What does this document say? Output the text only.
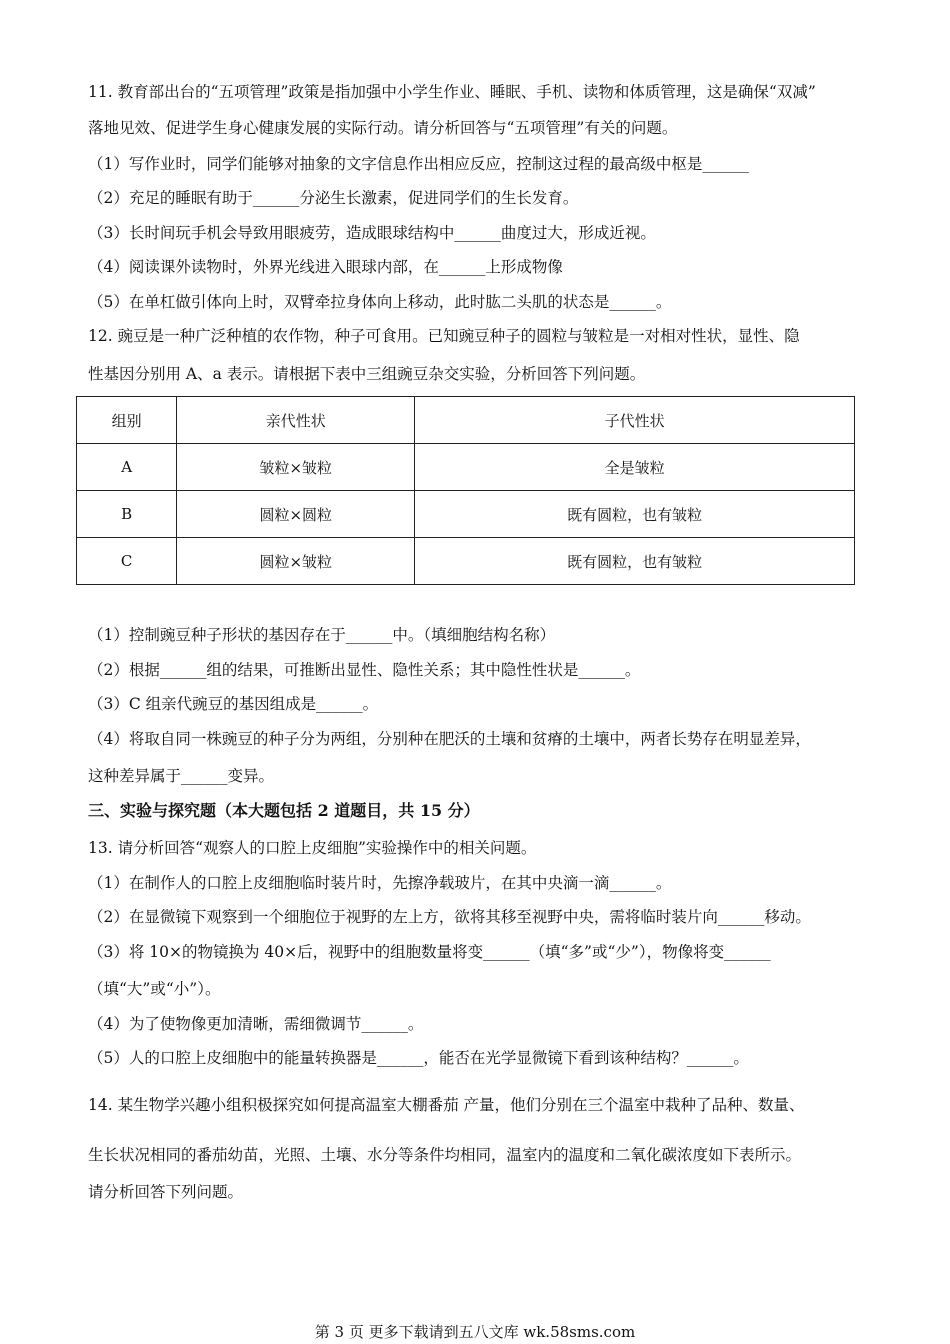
11. 教育部出台的“五项管理”政策是指加强中小学生作业、睡眠、手机、读物和体质管理，这是确保“双减”
落地见效、促进学生身心健康发展的实际行动。请分析回答与“五项管理”有关的问题。
（1）写作业时，同学们能够对抽象的文字信息作出相应反应，控制这过程的最高级中枢是______
（2）充足的睡眠有助于______分泌生长激素，促进同学们的生长发育。
（3）长时间玩手机会导致用眼疲劳，造成眼球结构中______曲度过大，形成近视。
（4）阅读课外读物时，外界光线进入眼球内部，在______上形成物像
（5）在单杠做引体向上时，双臂牵拉身体向上移动，此时肱二头肌的状态是______。
12. 豌豆是一种广泛种植的农作物，种子可食用。已知豌豆种子的圆粒与皱粒是一对相对性状，显性、隐
性基因分别用 A、a 表示。请根据下表中三组豌豆杂交实验，分析回答下列问题。
组别	亲代性状	子代性状
A	皱粒×皱粒	全是皱粒
B	圆粒×圆粒	既有圆粒，也有皱粒
C	圆粒×皱粒	既有圆粒，也有皱粒
（1）控制豌豆种子形状的基因存在于______中。（填细胞结构名称）
（2）根据______组的结果，可推断出显性、隐性关系；其中隐性性状是______。
（3）C 组亲代豌豆的基因组成是______。
（4）将取自同一株豌豆的种子分为两组，分别种在肥沃的土壤和贫瘠的土壤中，两者长势存在明显差异，
这种差异属于______变异。
三、实验与探究题（本大题包括 2 道题目，共 15 分）
13. 请分析回答“观察人的口腔上皮细胞”实验操作中的相关问题。
（1）在制作人的口腔上皮细胞临时装片时，先擦净载玻片，在其中央滴一滴______。
（2）在显微镜下观察到一个细胞位于视野的左上方，欲将其移至视野中央，需将临时装片向______移动。
（3）将 10×的物镜换为 40×后，视野中的组胞数量将变______（填“多”或“少”），物像将变______
（填“大”或“小”）。
（4）为了使物像更加清晰，需细微调节______。
（5）人的口腔上皮细胞中的能量转换器是______，能否在光学显微镜下看到该种结构？______。
14. 某生物学兴趣小组积极探究如何提高温室大棚番茄 产量，他们分别在三个温室中栽种了品种、数量、
生长状况相同的番茄幼苗，光照、土壤、水分等条件均相同，温室内的温度和二氧化碳浓度如下表所示。
请分析回答下列问题。
第 3 页 更多下载请到五八文库 wk.58sms.com
